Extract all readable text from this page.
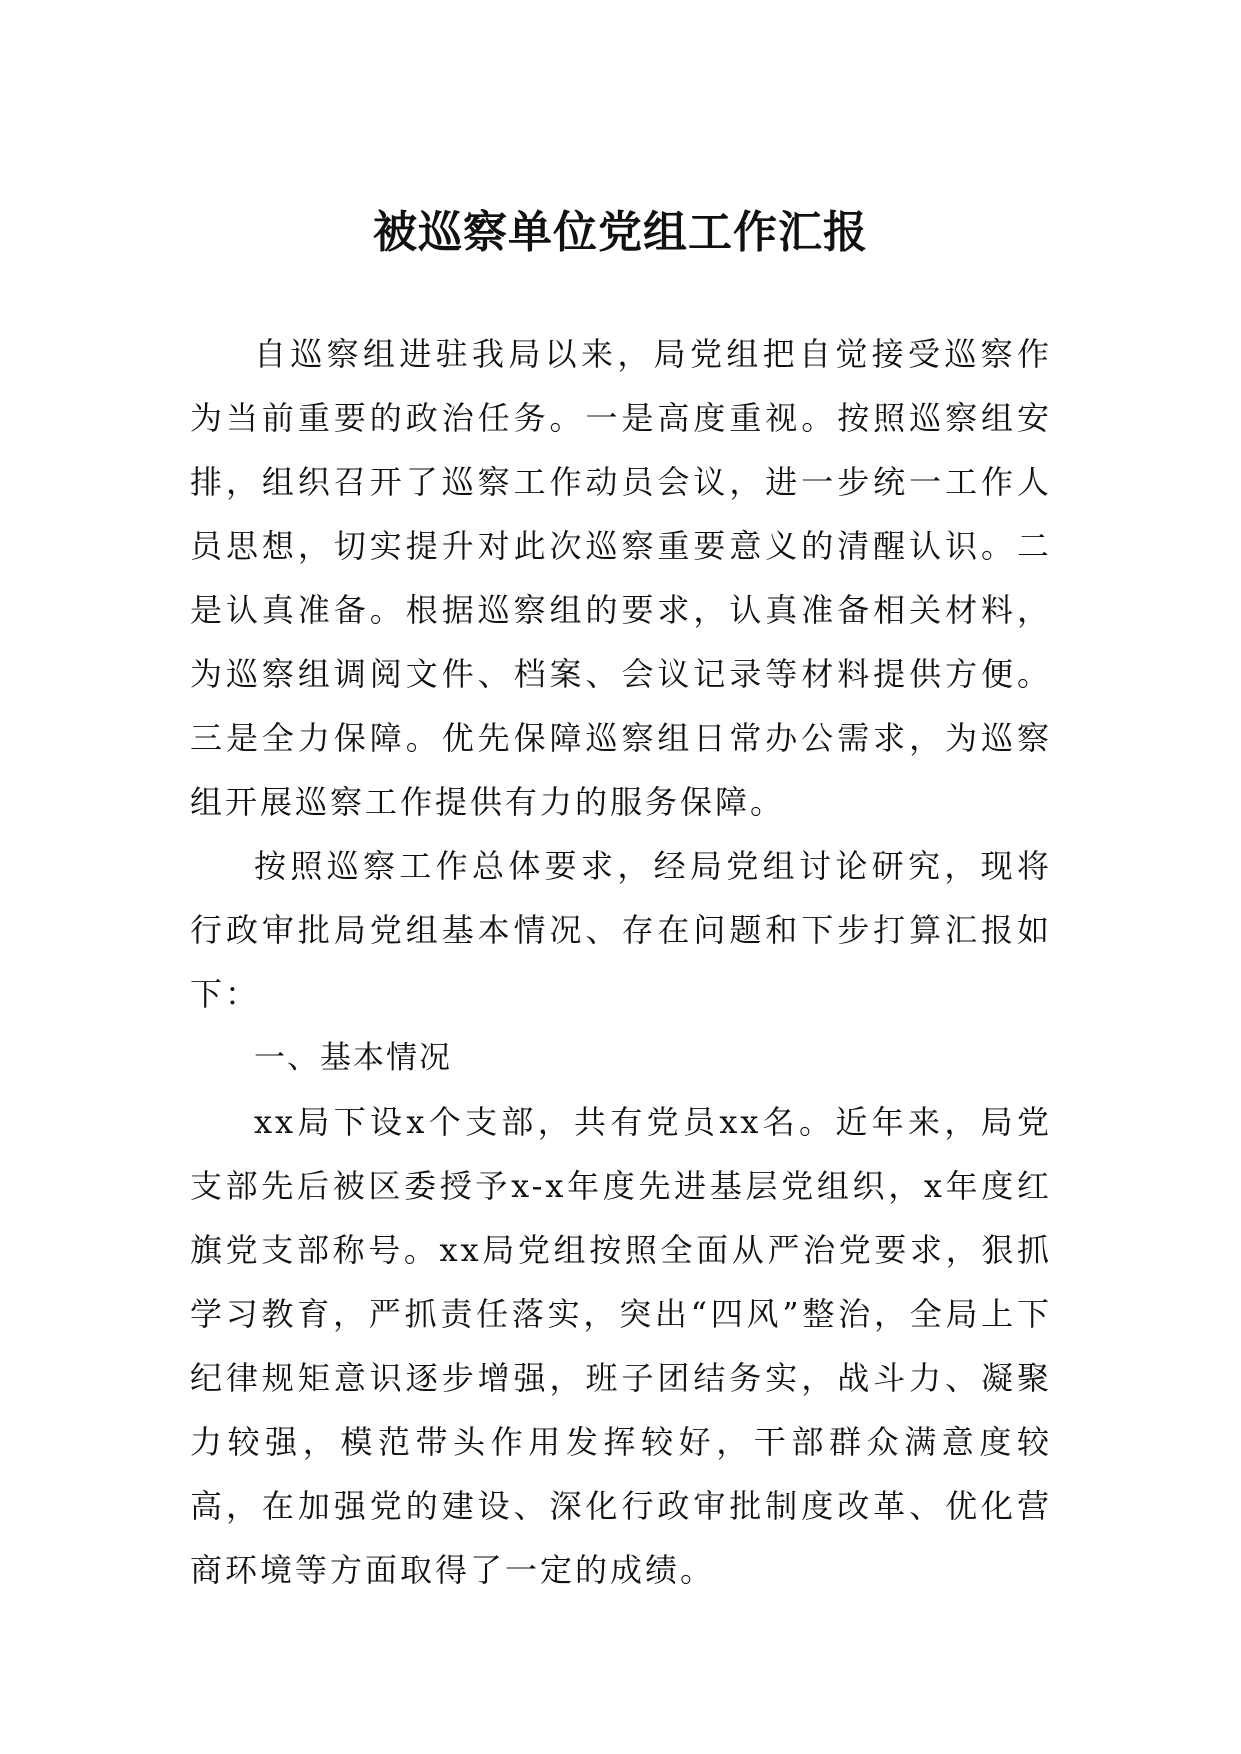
被巡察单位党组工作汇报

自巡察组进驻我局以来，局党组把自觉接受巡察作为当前重要的政治任务。一是高度重视。按照巡察组安排，组织召开了巡察工作动员会议，进一步统一工作人员思想，切实提升对此次巡察重要意义的清醒认识。二是认真准备。根据巡察组的要求，认真准备相关材料，为巡察组调阅文件、档案、会议记录等材料提供方便。三是全力保障。优先保障巡察组日常办公需求，为巡察组开展巡察工作提供有力的服务保障。

按照巡察工作总体要求，经局党组讨论研究，现将行政审批局党组基本情况、存在问题和下步打算汇报如下：

一、基本情况

xx局下设x个支部，共有党员xx名。近年来，局党支部先后被区委授予x-x年度先进基层党组织，x年度红旗党支部称号。xx局党组按照全面从严治党要求，狠抓学习教育，严抓责任落实，突出“四风”整治，全局上下纪律规矩意识逐步增强，班子团结务实，战斗力、凝聚力较强，模范带头作用发挥较好，干部群众满意度较高，在加强党的建设、深化行政审批制度改革、优化营商环境等方面取得了一定的成绩。
